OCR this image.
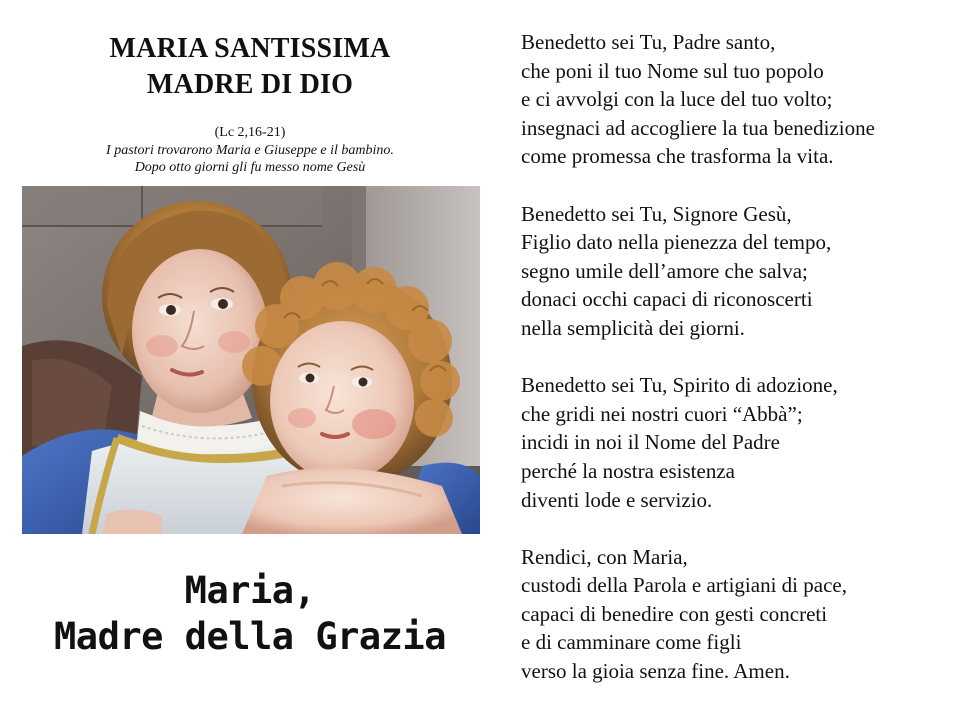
MARIA SANTISSIMA
MADRE DI DIO
(Lc 2,16-21)
I pastori trovarono Maria e Giuseppe e il bambino.
Dopo otto giorni gli fu messo nome Gesù
Maria,
Madre della Grazia
Benedetto sei Tu, Padre santo,
che poni il tuo Nome sul tuo popolo
e ci avvolgi con la luce del tuo volto;
insegnaci ad accogliere la tua benedizione
come promessa che trasforma la vita.
Benedetto sei Tu, Signore Gesù,
Figlio dato nella pienezza del tempo,
segno umile dell’amore che salva;
donaci occhi capaci di riconoscerti
nella semplicità dei giorni.
Benedetto sei Tu, Spirito di adozione,
che gridi nei nostri cuori “Abbà”;
incidi in noi il Nome del Padre
perché la nostra esistenza
diventi lode e servizio.
Rendici, con Maria,
custodi della Parola e artigiani di pace,
capaci di benedire con gesti concreti
e di camminare come figli
verso la gioia senza fine. Amen.
